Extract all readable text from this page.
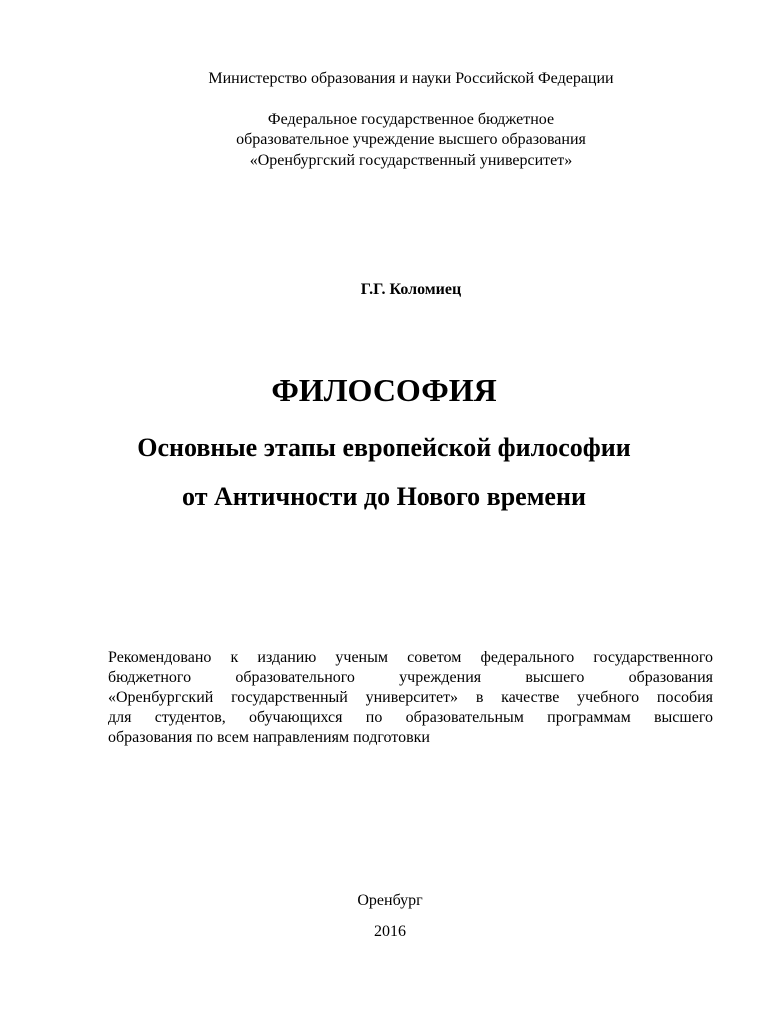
Министерство образования и науки Российской Федерации
Федеральное государственное бюджетное
образовательное учреждение высшего образования
«Оренбургский государственный университет»
Г.Г. Коломиец
ФИЛОСОФИЯ
Основные этапы европейской философии
от Античности до Нового времени
Рекомендовано к изданию ученым советом федерального государственного
бюджетного образовательного учреждения высшего образования
«Оренбургский государственный университет» в качестве учебного пособия
для студентов, обучающихся по образовательным программам высшего
образования по всем направлениям подготовки
Оренбург
2016
